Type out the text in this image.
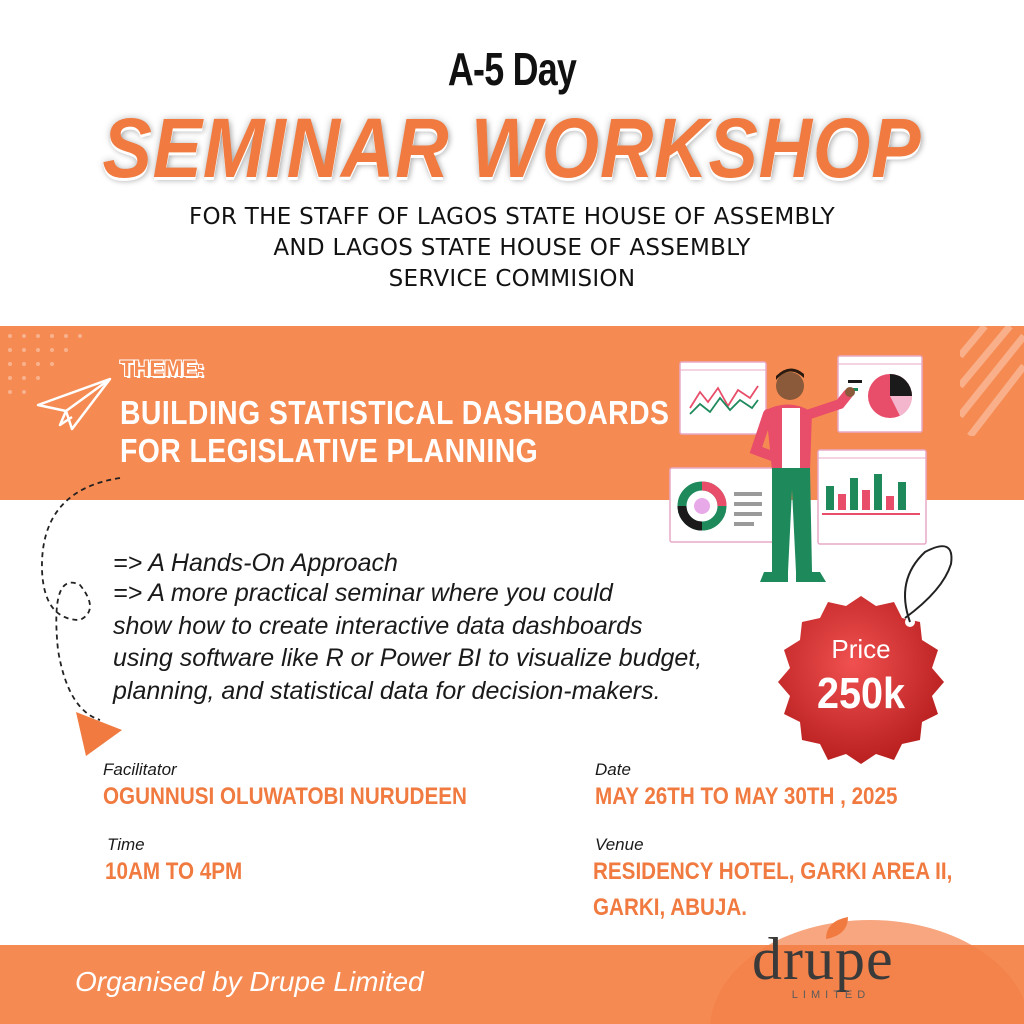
A-5 Day
SEMINAR WORKSHOP
FOR THE STAFF OF LAGOS STATE HOUSE OF ASSEMBLY
AND LAGOS STATE HOUSE OF ASSEMBLY
SERVICE COMMISION
THEME:
BUILDING STATISTICAL DASHBOARDS
FOR LEGISLATIVE PLANNING
=> A Hands-On Approach
=> A more practical seminar where you could
show how to create interactive data dashboards
using software like R or Power BI to visualize budget,
planning, and statistical data for decision-makers.
Price
250k
Facilitator
OGUNNUSI OLUWATOBI NURUDEEN
Date
MAY 26TH TO MAY 30TH , 2025
Time
10AM TO 4PM
Venue
RESIDENCY HOTEL, GARKI AREA II,
GARKI, ABUJA.
Organised by Drupe Limited	drupe
LIMITED
